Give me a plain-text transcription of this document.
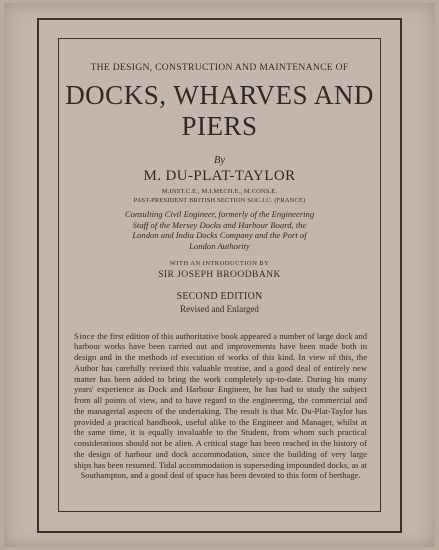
THE DESIGN, CONSTRUCTION AND MAINTENANCE OF

DOCKS, WHARVES AND
PIERS

By

M. DU-PLAT-TAYLOR

M.INST.C.E., M.I.MECH.E., M.CONS.E.

PAST-PRESIDENT BRITISH SECTION SOC.I.C. (FRANCE)

Consulting Civil Engineer, formerly of the Engineering Staff of the Mersey Docks and Harbour Board, the London and India Docks Company and the Port of London Authority

WITH AN INTRODUCTION BY

SIR JOSEPH BROODBANK

SECOND EDITION

Revised and Enlarged

Since the first edition of this authoritative book appeared a number of large dock and harbour works have been carried out and improvements have been made both in design and in the methods of execution of works of this kind. In view of this, the Author has carefully revised this valuable treatise, and a good deal of entirely new matter has been added to bring the work completely up-to-date. During his many years' experience as Dock and Harbour Engineer, he has had to study the subject from all points of view, and to have regard to the engineering, the commercial and the managerial aspects of the undertaking. The result is that Mr. Du-Plat-Taylor has provided a practical handbook, useful alike to the Engineer and Manager, whilst at the same time, it is equally invaluable to the Student, from whom such practical considerations should not be alien. A critical stage has been reached in the history of the design of harbour and dock accommodation, since the building of very large ships has been resumed. Tidal accommodation is superseding impounded docks, as at Southampton, and a good deal of space has been devoted to this form of berthage.
